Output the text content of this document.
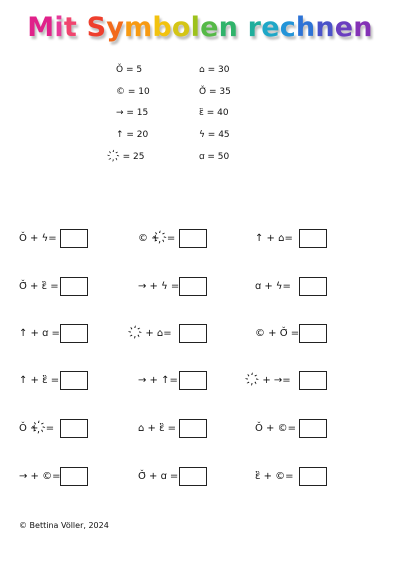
Mit Symbolen rechnen
Ǒ = 5
© = 10
→ = 15
↑ = 20
҉ = 25
⌂ = 30
Ǒ̃ = 35
ἓ = 40
ϟ = 45
ꭤ = 50
Ǒ + ϟ=	© + ҉=	↑ + ⌂=
Ǒ̃ + ἓ =	→ + ϟ =	ꭤ + ϟ=
↑ + ꭤ =	҉ + ⌂=	© + Ǒ̃ =
↑ + ἓ =	→ + ↑=	҉ + →=
Ǒ + ҉=	⌂ + ἓ =	Ǒ + ©=
→ + ©=	Ǒ̃ + ꭤ =	ἓ + ©=
© Bettina Völler, 2024
